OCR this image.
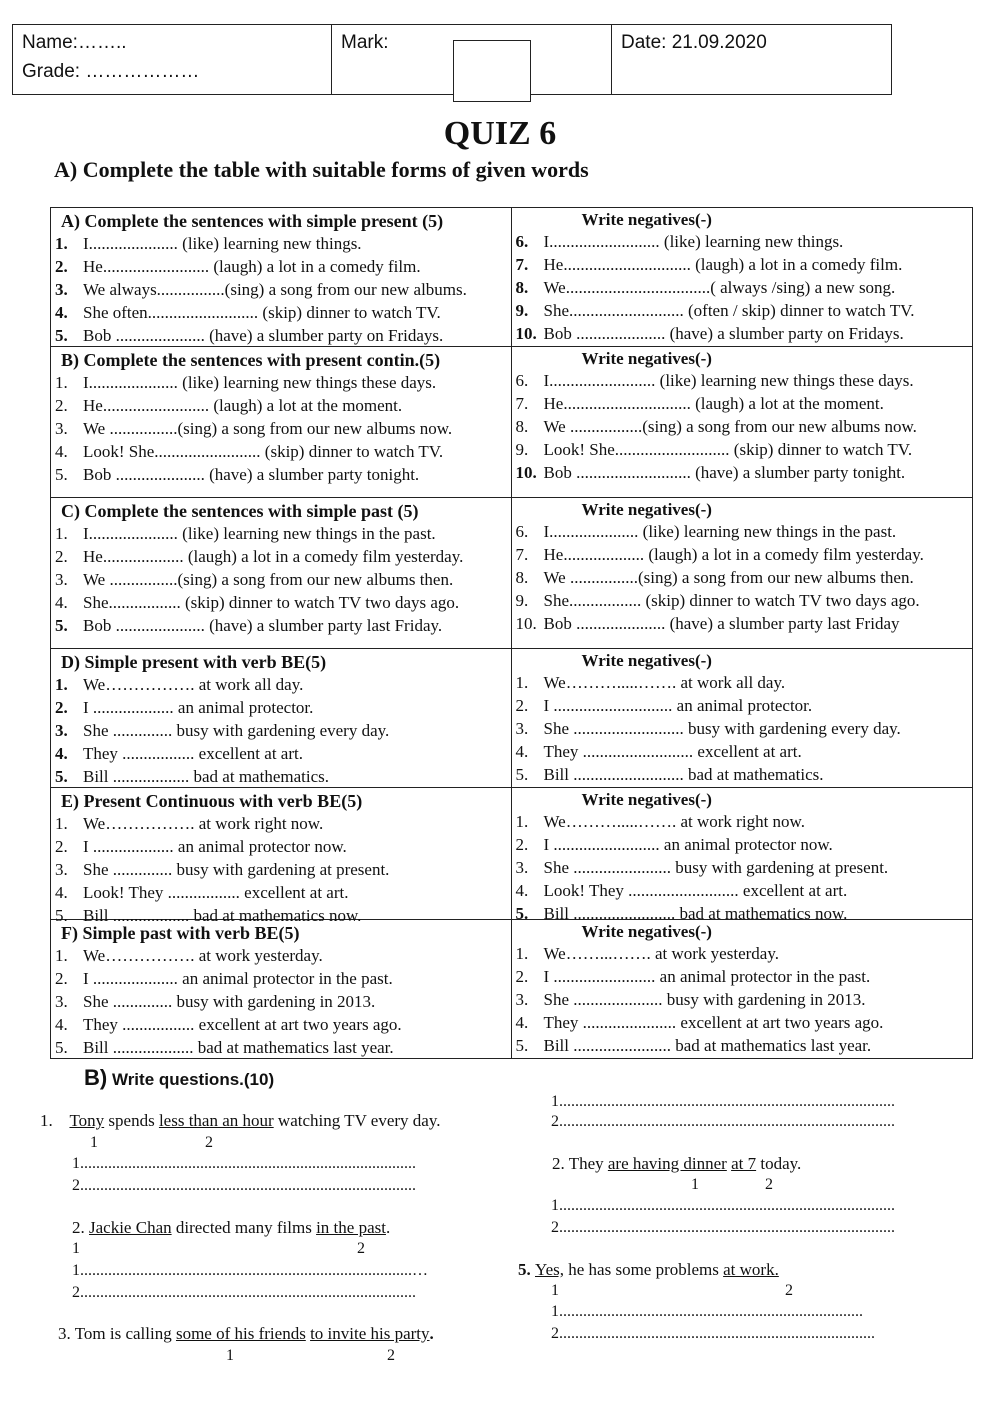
Name:……..
Grade: ………………
Mark:	Date: 21.09.2020
QUIZ 6
A) Complete the table with suitable forms of given words
A) Complete the sentences with simple present (5)
1. I..................... (like) learning new things.
2. He......................... (laugh) a lot in a comedy film.
3. We always................(sing) a song from our new albums.
4. She often.......................... (skip) dinner to watch TV.
5. Bob ..................... (have) a slumber party on Fridays.
Write negatives(-)
6. I.......................... (like) learning new things.
7. He.............................. (laugh) a lot in a comedy film.
8. We..................................( always /sing) a new song.
9. She........................... (often / skip) dinner to watch TV.
10. Bob ..................... (have) a slumber party on Fridays.
B) Complete the sentences with present contin.(5)
1. I..................... (like) learning new things these days.
2. He......................... (laugh) a lot at the moment.
3. We ................(sing) a song from our new albums now.
4. Look! She......................... (skip) dinner to watch TV.
5. Bob ..................... (have) a slumber party tonight.
Write negatives(-)
6. I......................... (like) learning new things these days.
7. He.............................. (laugh) a lot at the moment.
8. We .................(sing) a song from our new albums now.
9. Look! She........................... (skip) dinner to watch TV.
10. Bob ........................... (have) a slumber party tonight.
C) Complete the sentences with simple past (5)
1. I..................... (like) learning new things in the past.
2. He................... (laugh) a lot in a comedy film yesterday.
3. We ................(sing) a song from our new albums then.
4. She................. (skip) dinner to watch TV two days ago.
5. Bob ..................... (have) a slumber party last Friday.
Write negatives(-)
6. I..................... (like) learning new things in the past.
7. He................... (laugh) a lot in a comedy film yesterday.
8. We ................(sing) a song from our new albums then.
9. She................. (skip) dinner to watch TV two days ago.
10. Bob ..................... (have) a slumber party last Friday
D) Simple present with verb BE(5)
1. We……………. at work all day.
2. I ................... an animal protector.
3. She .............. busy with gardening every day.
4. They ................. excellent at art.
5. Bill .................. bad at mathematics.
Write negatives(-)
1. We……….....……. at work all day.
2. I ............................ an animal protector.
3. She .......................... busy with gardening every day.
4. They .......................... excellent at art.
5. Bill .......................... bad at mathematics.
E) Present Continuous with verb BE(5)
1. We……………. at work right now.
2. I ................... an animal protector now.
3. She .............. busy with gardening at present.
4. Look! They ................. excellent at art.
5. Bill .................. bad at mathematics now.
Write negatives(-)
1. We……….....……. at work right now.
2. I ......................... an animal protector now.
3. She ....................... busy with gardening at present.
4. Look! They .......................... excellent at art.
5. Bill ........................ bad at mathematics now.
F) Simple past with verb BE(5)
1. We……………. at work yesterday.
2. I .................... an animal protector in the past.
3. She .............. busy with gardening in 2013.
4. They ................. excellent at art two years ago.
5. Bill ................... bad at mathematics last year.
Write negatives(-)
1. We……...……. at work yesterday.
2. I ........................ an animal protector in the past.
3. She ..................... busy with gardening in 2013.
4. They ...................... excellent at art two years ago.
5. Bill ....................... bad at mathematics last year.
B) Write questions.(10)
1. Tony spends less than an hour watching TV every day.
1	2
1....................................................................................
2....................................................................................
2. Jackie Chan directed many films in the past.
1	2
1...................................................................................…
2....................................................................................
3. Tom is calling some of his friends to invite his party.
1	2
1....................................................................................
2....................................................................................
2. They are having dinner at 7 today.
1	2
1....................................................................................
2....................................................................................
5. Yes, he has some problems at work.
1	2
1............................................................................
2...............................................................................
